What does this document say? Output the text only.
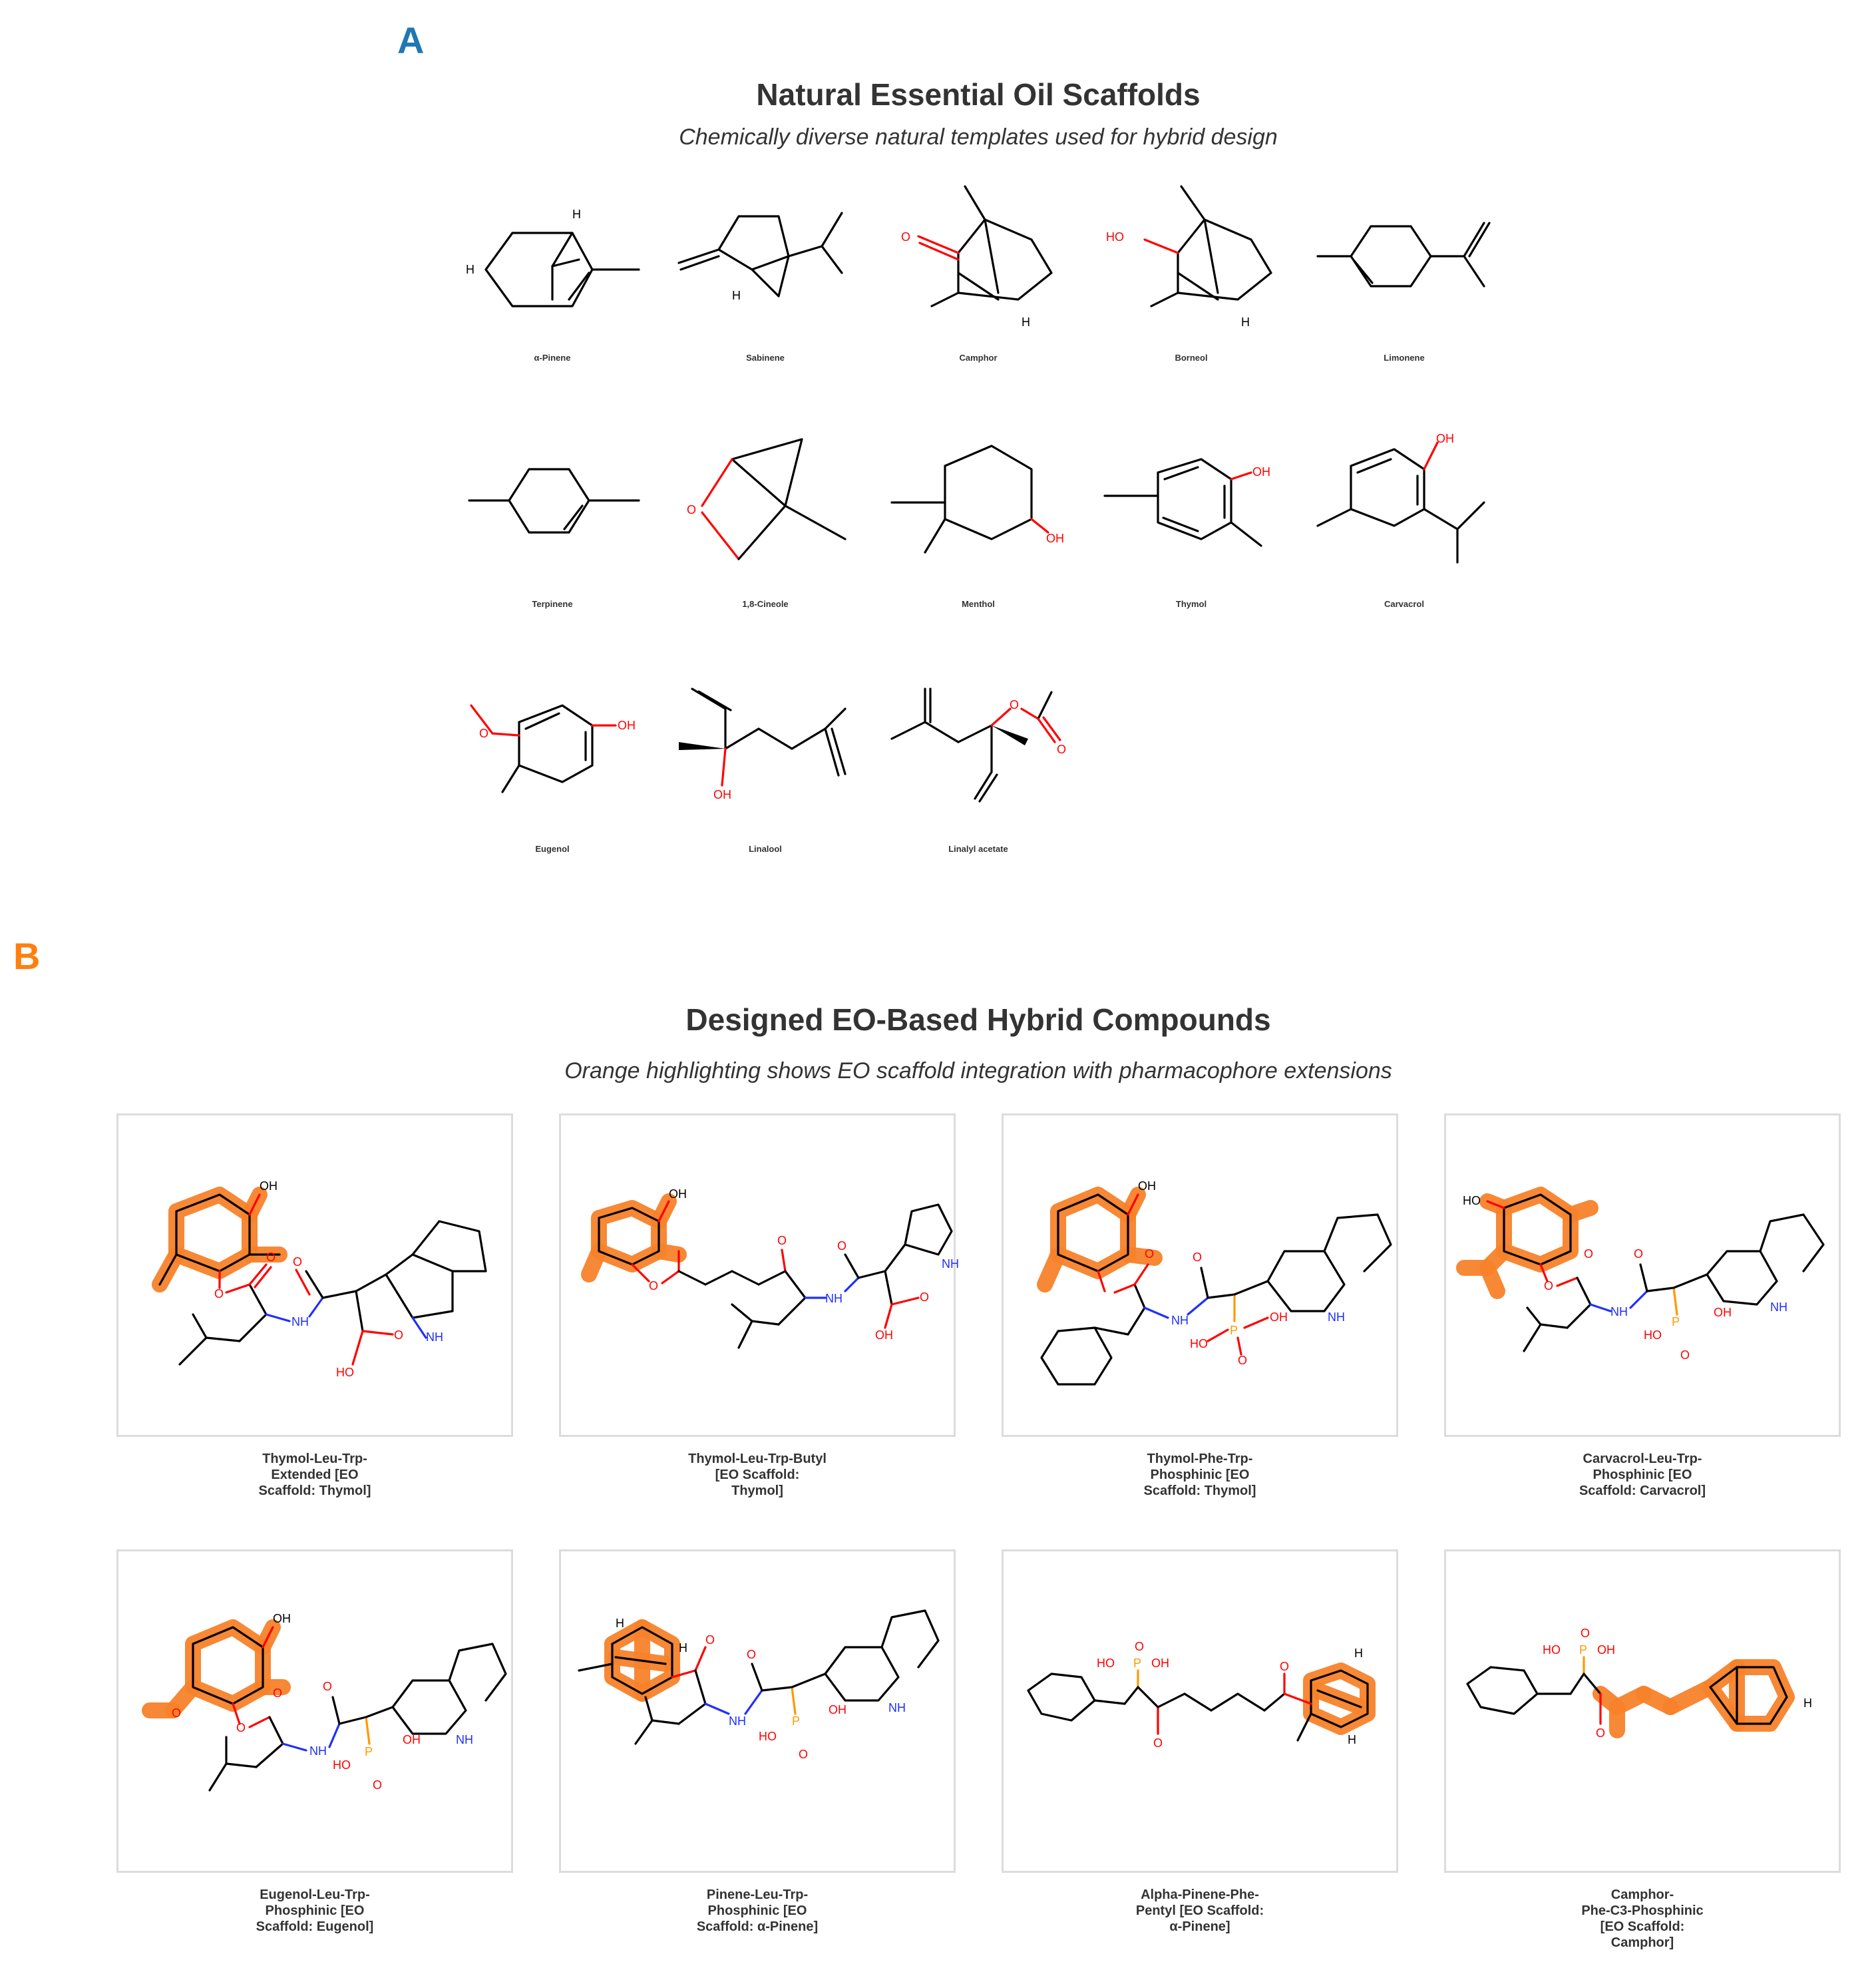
A
Natural Essential Oil Scaffolds
Chemically diverse natural templates used for hybrid design
H
H
H
O
H
HO
H
O
OH
OH
OH
OH
O
OH
O
O
α-Pinene	Sabinene	Camphor	Borneol	Limonene
Terpinene	1,8-Cineole	Menthol	Thymol	Carvacrol
Eugenol	Linalool	Linalyl acetate
B
Designed EO-Based Hybrid Compounds
Orange highlighting shows EO scaffold integration with pharmacophore extensions
OH
O
O
NH
O
O
HO
NH
OH
O
O
NH
O
O
OH
NH
OH
O
NH
O
P
OH
HO
O
NH
HO
O
O
NH
O
P
OH
HO
O
NH
OH
O
O
O
NH
O
P
OH
HO
O
NH
H
H
O
NH
O
P
OH
HO
O
NH
H
H
P
HO	OH
O
O
O
H
P
HO	OH
O
O
Thymol-Leu-Trp-
Extended [EO
Scaffold: Thymol]
Thymol-Leu-Trp-Butyl
[EO Scaffold:
Thymol]
Thymol-Phe-Trp-
Phosphinic [EO
Scaffold: Thymol]
Carvacrol-Leu-Trp-
Phosphinic [EO
Scaffold: Carvacrol]
Eugenol-Leu-Trp-
Phosphinic [EO
Scaffold: Eugenol]
Pinene-Leu-Trp-
Phosphinic [EO
Scaffold: α-Pinene]
Alpha-Pinene-Phe-
Pentyl [EO Scaffold:
α-Pinene]
Camphor-
Phe-C3-Phosphinic
[EO Scaffold:
Camphor]
